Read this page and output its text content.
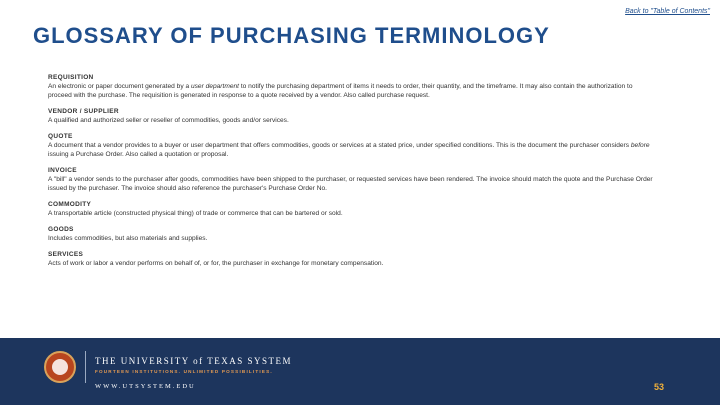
Back to "Table of Contents"
GLOSSARY OF PURCHASING TERMINOLOGY
REQUISITION
An electronic or paper document generated by a user department to notify the purchasing department of items it needs to order, their quantity, and the timeframe. It may also contain the authorization to proceed with the purchase. The requisition is generated in response to a quote received by a vendor. Also called purchase request.
VENDOR / SUPPLIER
A qualified and authorized seller or reseller of commodities, goods and/or services.
QUOTE
A document that a vendor provides to a buyer or user department that offers commodities, goods or services at a stated price, under specified conditions. This is the document the purchaser considers before issuing a Purchase Order. Also called a quotation or proposal.
INVOICE
A "bill" a vendor sends to the purchaser after goods, commodities have been shipped to the purchaser, or requested services have been rendered. The invoice should match the quote and the Purchase Order issued by the purchaser. The invoice should also reference the purchaser's Purchase Order No.
COMMODITY
A transportable article (constructed physical thing) of trade or commerce that can be bartered or sold.
GOODS
Includes commodities, but also materials and supplies.
SERVICES
Acts of work or labor a vendor performs on behalf of, or for, the purchaser in exchange for monetary compensation.
THE UNIVERSITY of TEXAS SYSTEM
FOURTEEN INSTITUTIONS. UNLIMITED POSSIBILITIES.
WWW.UTSYSTEM.EDU	53
